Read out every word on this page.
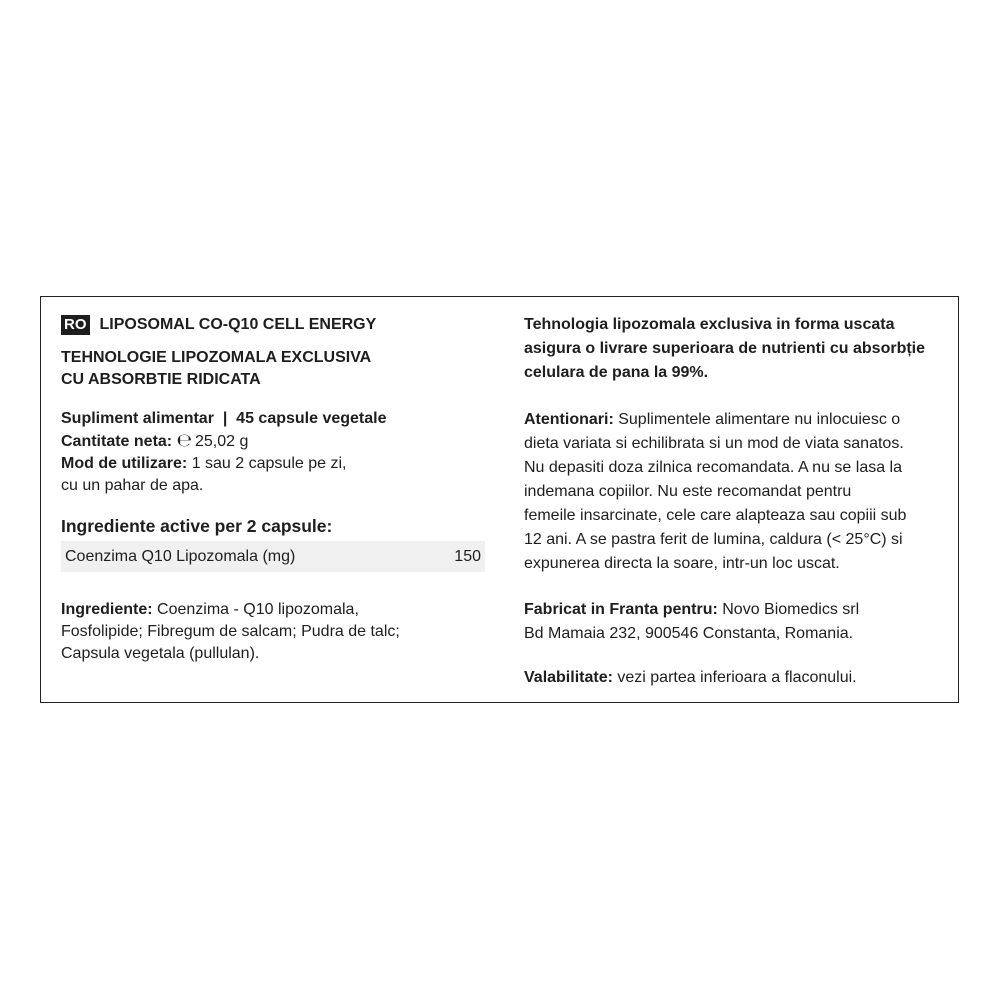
RO LIPOSOMAL CO-Q10 CELL ENERGY
TEHNOLOGIE LIPOZOMALA EXCLUSIVA
CU ABSORBTIE RIDICATA
Supliment alimentar  |  45 capsule vegetale
Cantitate neta: ℮ 25,02 g
Mod de utilizare: 1 sau 2 capsule pe zi,
cu un pahar de apa.
Ingrediente active per 2 capsule:
Coenzima Q10 Lipozomala (mg)	150
Ingrediente: Coenzima - Q10 lipozomala,
Fosfolipide; Fibregum de salcam; Pudra de talc;
Capsula vegetala (pullulan).
Tehnologia lipozomala exclusiva in forma uscata
asigura o livrare superioara de nutrienti cu absorbție
celulara de pana la 99%.
Atentionari: Suplimentele alimentare nu inlocuiesc o
dieta variata si echilibrata si un mod de viata sanatos.
Nu depasiti doza zilnica recomandata. A nu se lasa la
indemana copiilor. Nu este recomandat pentru
femeile insarcinate, cele care alapteaza sau copiii sub
12 ani. A se pastra ferit de lumina, caldura (< 25°C) si
expunerea directa la soare, intr-un loc uscat.
Fabricat in Franta pentru: Novo Biomedics srl
Bd Mamaia 232, 900546 Constanta, Romania.
Valabilitate: vezi partea inferioara a flaconului.
